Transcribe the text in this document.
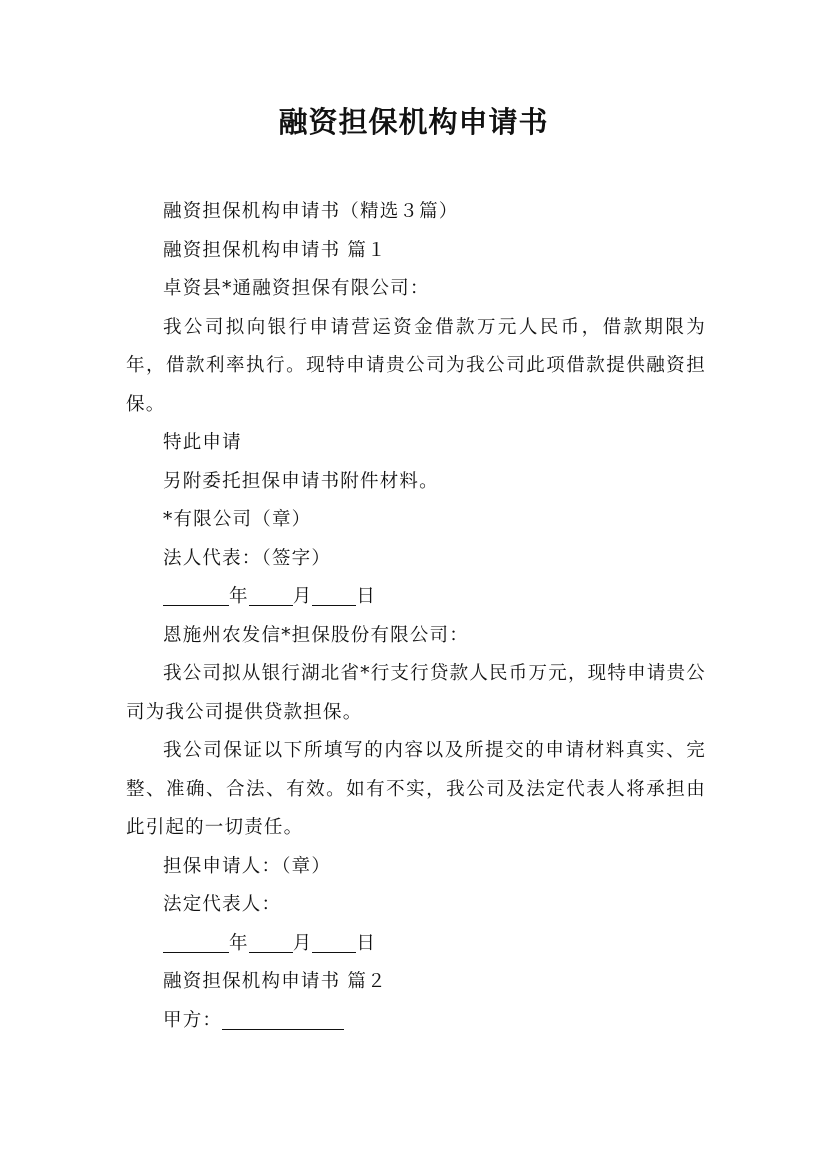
融资担保机构申请书

融资担保机构申请书（精选３篇）

融资担保机构申请书 篇１

卓资县*通融资担保有限公司：

我公司拟向银行申请营运资金借款万元人民币，借款期限为年，借款利率执行。现特申请贵公司为我公司此项借款提供融资担保。

特此申请

另附委托担保申请书附件材料。

*有限公司（章）

法人代表：（签字）

年 月 日

恩施州农发信*担保股份有限公司：

我公司拟从银行湖北省*行支行贷款人民币万元，现特申请贵公司为我公司提供贷款担保。

我公司保证以下所填写的内容以及所提交的申请材料真实、完整、准确、合法、有效。如有不实，我公司及法定代表人将承担由此引起的一切责任。

担保申请人：（章）

法定代表人：

年 月 日

融资担保机构申请书 篇２

甲方：
